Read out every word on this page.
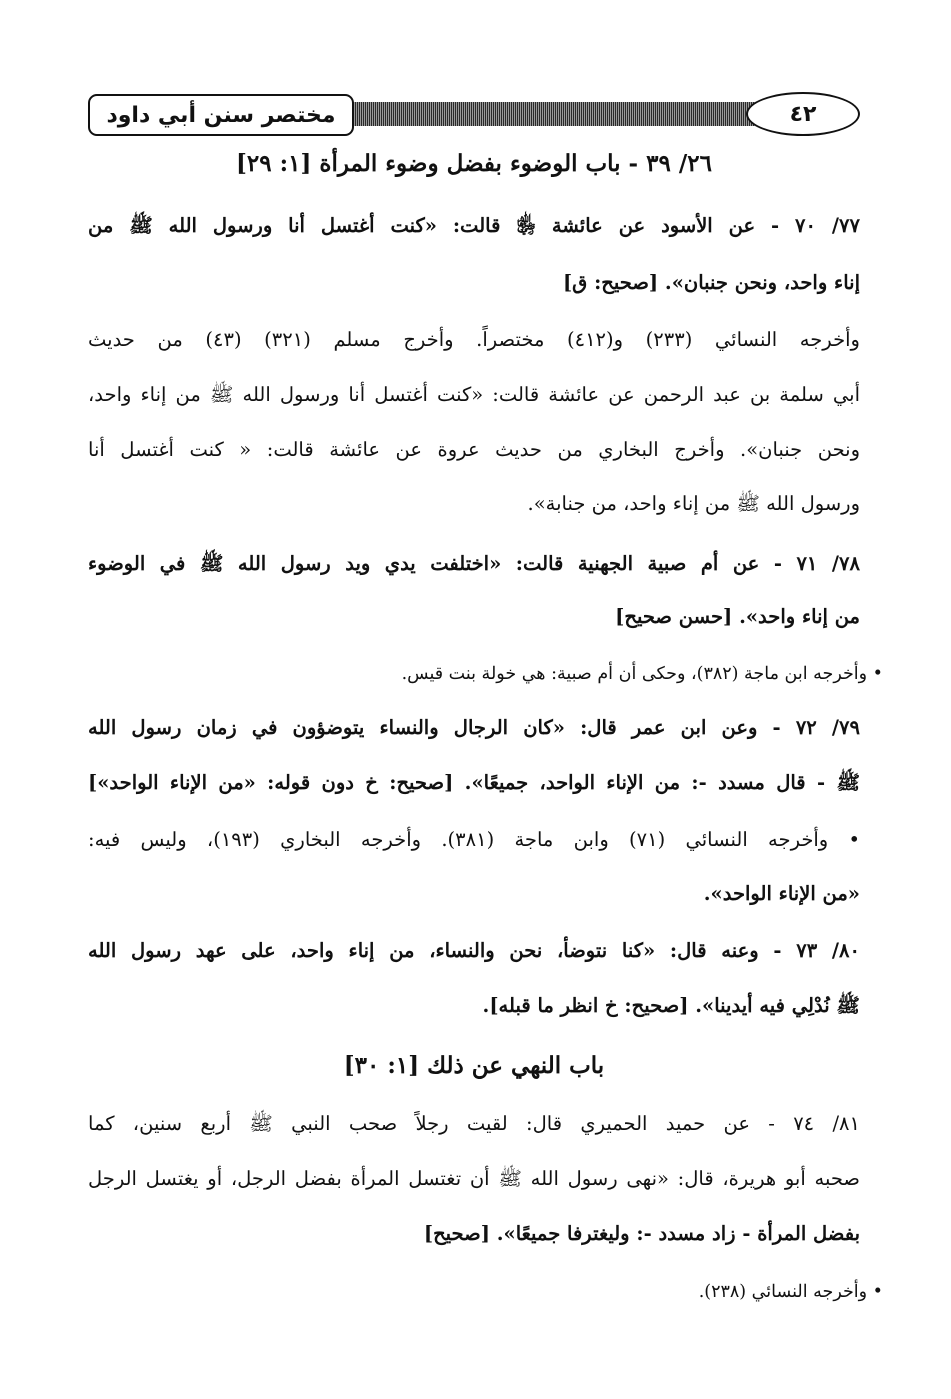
مختصر سنن أبي داود	٤٢
٢٦/ ٣٩ - باب الوضوء بفضل وضوء المرأة [١: ٢٩]
٧٧/ ٧٠ - عن الأسود عن عائشة ﵂ قالت: «كنت أغتسل أنا ورسول الله ﷺ من
إناء واحد، ونحن جنبان». [صحيح: ق]
وأخرجه النسائي (٢٣٣) و(٤١٢) مختصراً. وأخرج مسلم (٣٢١) (٤٣) من حديث
أبي سلمة بن عبد الرحمن عن عائشة قالت: «كنت أغتسل أنا ورسول الله ﷺ من إناء واحد،
ونحن جنبان». وأخرج البخاري من حديث عروة عن عائشة قالت: « كنت أغتسل أنا
ورسول الله ﷺ من إناء واحد، من جنابة».
٧٨/ ٧١ - عن أم صبية الجهنية قالت: «اختلفت يدي ويد رسول الله ﷺ في الوضوء
من إناء واحد». [حسن صحيح]
• وأخرجه ابن ماجة (٣٨٢)، وحكى أن أم صبية: هي خولة بنت قيس.
٧٩/ ٧٢ - وعن ابن عمر قال: «كان الرجال والنساء يتوضؤون في زمان رسول الله
ﷺ - قال مسدد -: من الإناء الواحد، جميعًا». [صحيح: خ دون قوله: «من الإناء الواحد»]
• وأخرجه النسائي (٧١) وابن ماجة (٣٨١). وأخرجه البخاري (١٩٣)، وليس فيه:
«من الإناء الواحد».
٨٠/ ٧٣ - وعنه قال: «كنا نتوضأ، نحن والنساء، من إناء واحد، على عهد رسول الله
ﷺ نُدْلِي فيه أيدينا». [صحيح: خ انظر ما قبله].
باب النهي عن ذلك [١: ٣٠]
٨١/ ٧٤ - عن حميد الحميري قال: لقيت رجلاً صحب النبي ﷺ أربع سنين، كما
صحبه أبو هريرة، قال: «نهى رسول الله ﷺ أن تغتسل المرأة بفضل الرجل، أو يغتسل الرجل
بفضل المرأة - زاد مسدد -: وليغترفا جميعًا». [صحيح]
• وأخرجه النسائي (٢٣٨).
